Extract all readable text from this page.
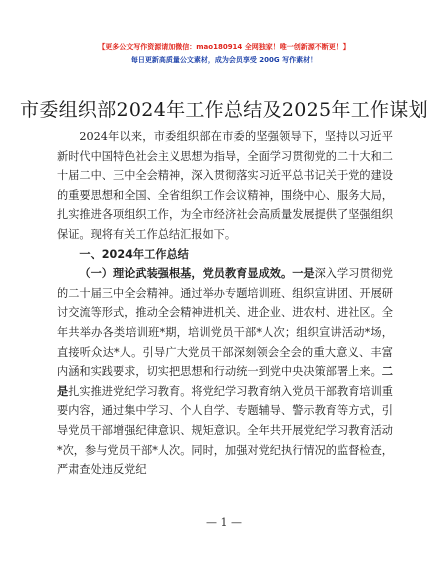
【更多公文写作资源请加微信：mao180914 全网独家！唯一创新源不断更！】
每日更新高质量公文素材，成为会员享受 200G 写作素材！
市委组织部2024年工作总结及2025年工作谋划

2024年以来，市委组织部在市委的坚强领导下，坚持以习近平新时代中国特色社会主义思想为指导，全面学习贯彻党的二十大和二十届二中、三中全会精神，深入贯彻落实习近平总书记关于党的建设的重要思想和全国、全省组织工作会议精神，围绕中心、服务大局，扎实推进各项组织工作，为全市经济社会高质量发展提供了坚强组织保证。现将有关工作总结汇报如下。

一、2024年工作总结

（一）理论武装强根基，党员教育显成效。一是深入学习贯彻党的二十届三中全会精神。通过举办专题培训班、组织宣讲团、开展研讨交流等形式，推动全会精神进机关、进企业、进农村、进社区。全年共举办各类培训班*期，培训党员干部*人次；组织宣讲活动*场，直接听众达*人。引导广大党员干部深刻领会全会的重大意义、丰富内涵和实践要求，切实把思想和行动统一到党中央决策部署上来。二是扎实推进党纪学习教育。将党纪学习教育纳入党员干部教育培训重要内容，通过集中学习、个人自学、专题辅导、警示教育等方式，引导党员干部增强纪律意识、规矩意识。全年共开展党纪学习教育活动*次，参与党员干部*人次。同时，加强对党纪执行情况的监督检查，严肃查处违反党纪

— 1 —
